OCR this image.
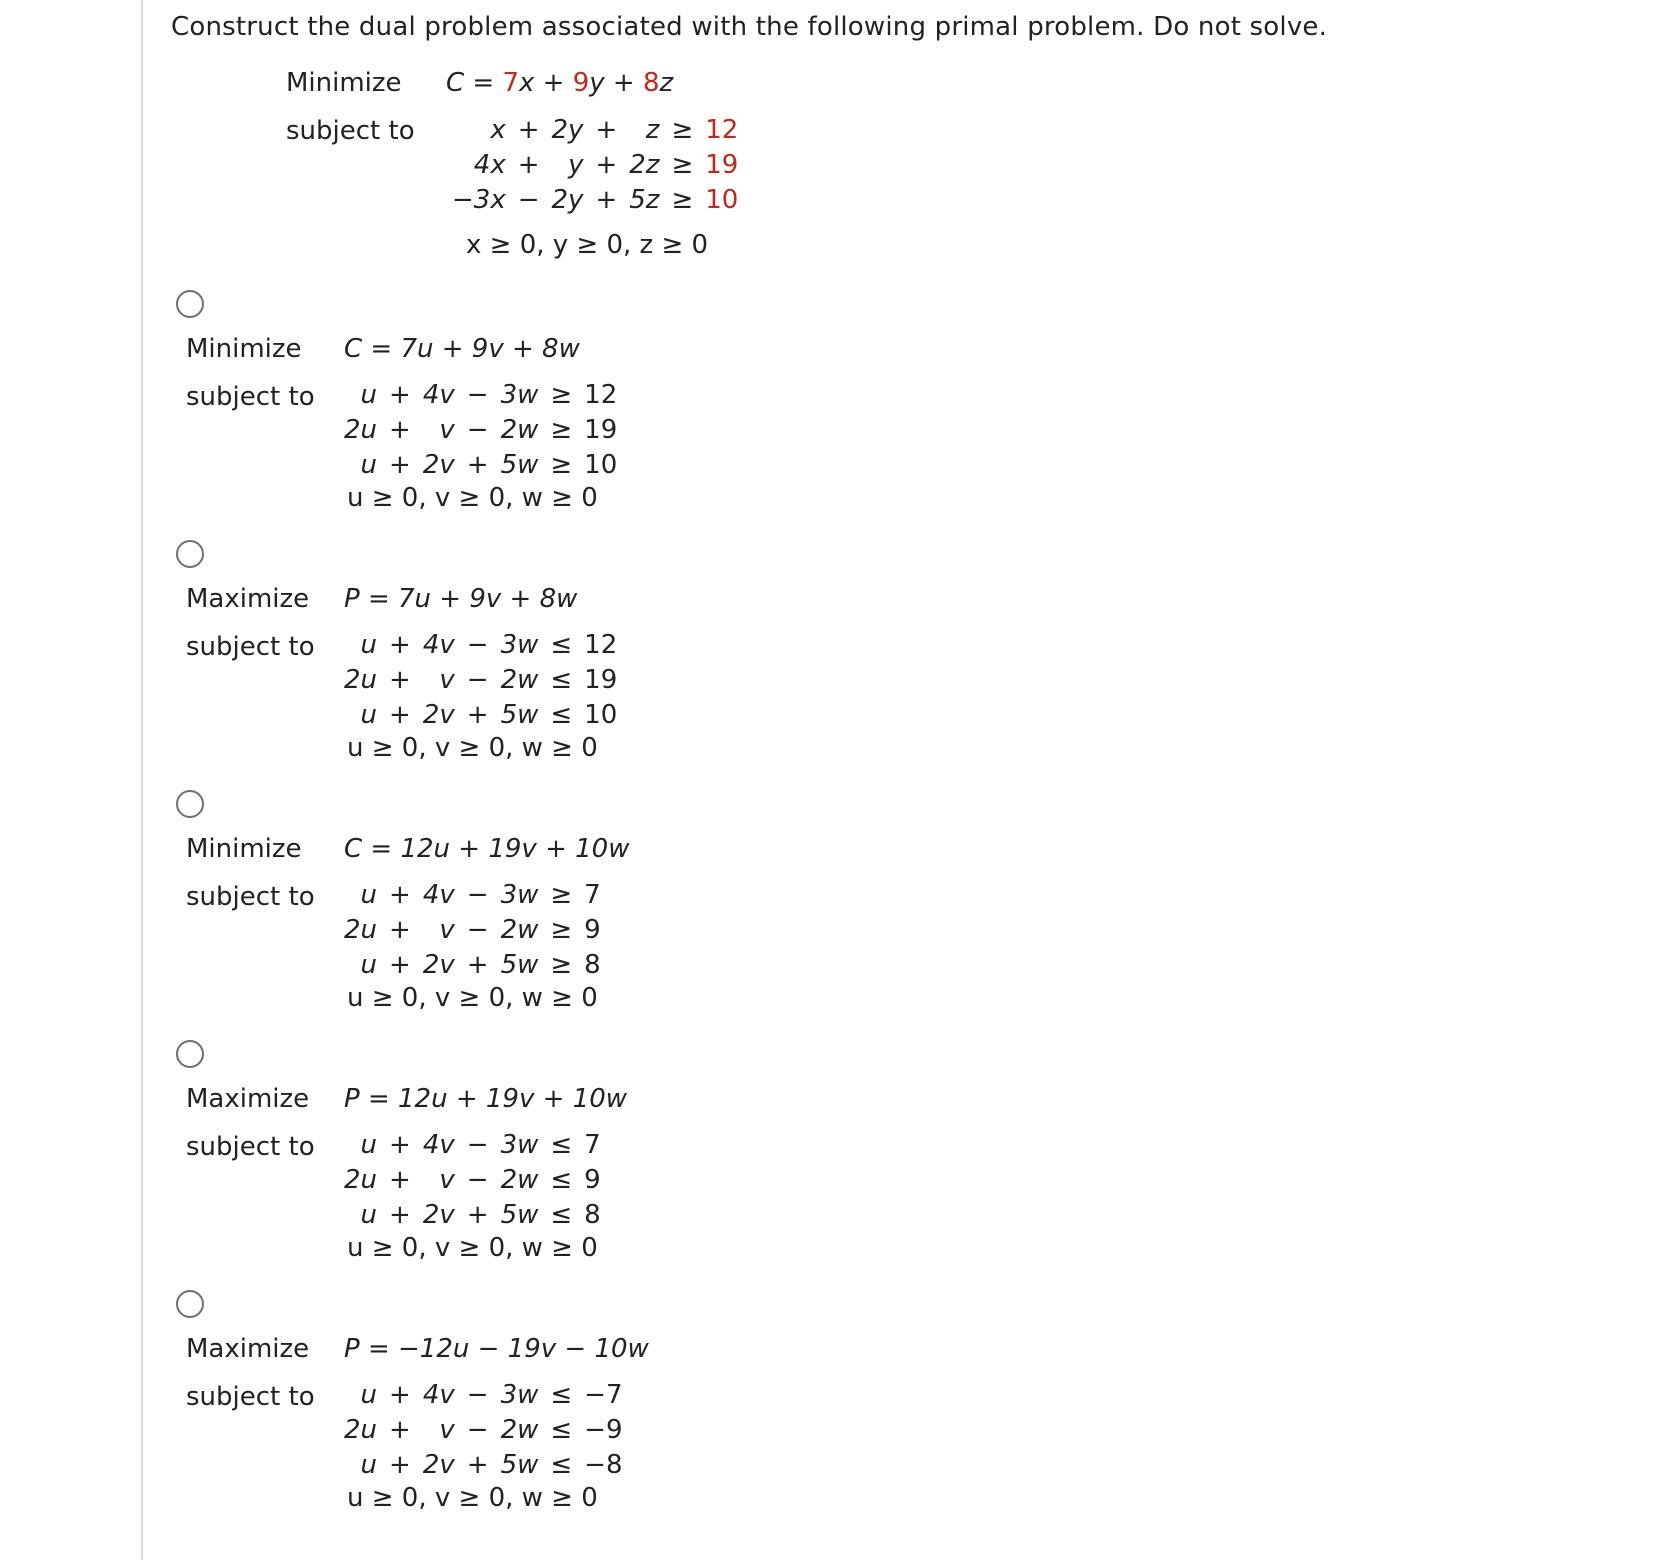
Construct the dual problem associated with the following primal problem. Do not solve.
Minimize C = 7x + 9y + 8z
subject to	x	+	2y	+	z	≥	12
4x	+	y	+	2z	≥	19
−3x	−	2y	+	5z	≥	10
x ≥ 0, y ≥ 0, z ≥ 0
Minimize C = 7u + 9v + 8w
subject to u	+	4v	−	3w	≥	12
2u	+	v	−	2w	≥	19
u	+	2v	+	5w	≥	10
u ≥ 0, v ≥ 0, w ≥ 0
Maximize P = 7u + 9v + 8w
subject to u	+	4v	−	3w	≤	12
2u	+	v	−	2w	≤	19
u	+	2v	+	5w	≤	10
u ≥ 0, v ≥ 0, w ≥ 0
Minimize C = 12u + 19v + 10w
subject to u	+	4v	−	3w	≥	7
2u	+	v	−	2w	≥	9
u	+	2v	+	5w	≥	8
u ≥ 0, v ≥ 0, w ≥ 0
Maximize P = 12u + 19v + 10w
subject to u	+	4v	−	3w	≤	7
2u	+	v	−	2w	≤	9
u	+	2v	+	5w	≤	8
u ≥ 0, v ≥ 0, w ≥ 0
Maximize P = −12u − 19v − 10w
subject to u	+	4v	−	3w	≤	−7
2u	+	v	−	2w	≤	−9
u	+	2v	+	5w	≤	−8
u ≥ 0, v ≥ 0, w ≥ 0
